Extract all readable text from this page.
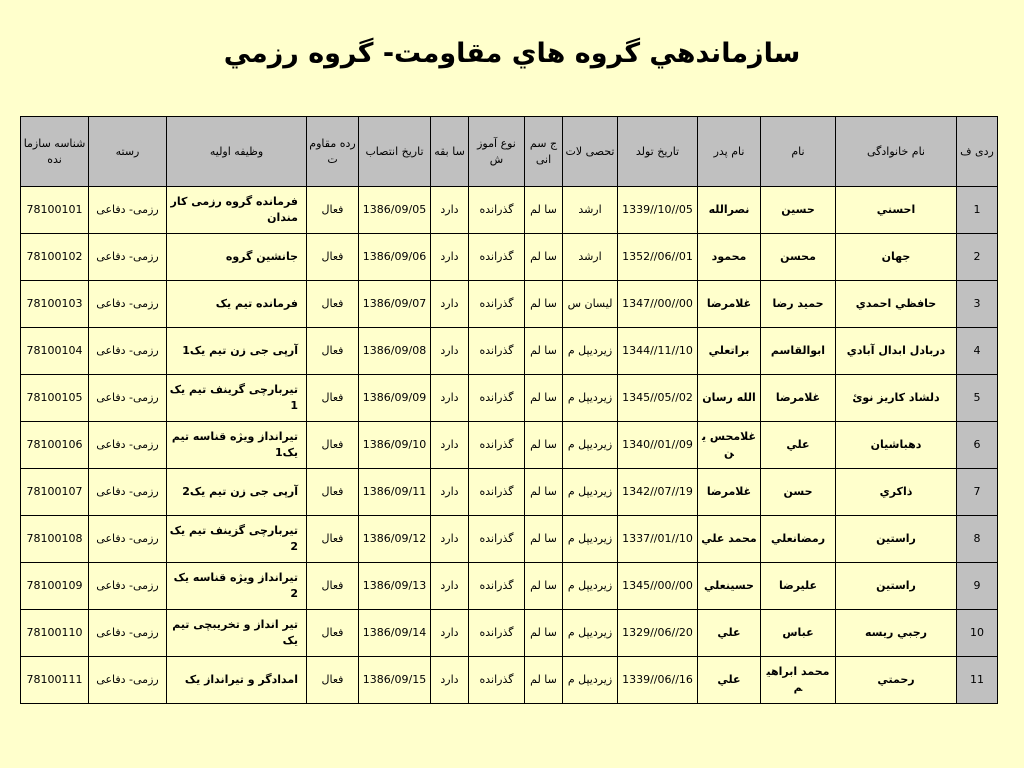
سازماندهي گروه هاي مقاومت- گروه رزمي
ردی ف	نام خانوادگی	نام	نام پدر	تاریخ تولد	تحصی لات	ج سم انی	نوع آموزش	سا بقه	تاریخ انتصاب	رده مقاوم ت	وظیفه اولیه	رسته	شناسه سازمانده
1	احسني	حسین	نصرالله	1339//10//05	ارشد	سا لم	گذرانده	دارد	1386/09/05	فعال	فرمانده گروه رزمی کارمندان	رزمی- دفاعی	78100101
2	جهان	محسن	محمود	1352//06//01	ارشد	سا لم	گذرانده	دارد	1386/09/06	فعال	جانشین گروه	رزمی- دفاعی	78100102
3	حافظي احمدي	حمید رضا	غلامرضا	1347//00//00	لیسان س	سا لم	گذرانده	دارد	1386/09/07	فعال	فرمانده تیم یک	رزمی- دفاعی	78100103
4	دربادل ابدال آبادي	ابوالقاسم	براتعلي	1344//11//10	زیردیپل م	سا لم	گذرانده	دارد	1386/09/08	فعال	آرپی جی زن تیم یک1	رزمی- دفاعی	78100104
5	دلشاد کاریز نوئ	غلامرضا	الله رسان	1345//05//02	زیردیپل م	سا لم	گذرانده	دارد	1386/09/09	فعال	تیربارچی گرینف تیم یک1	رزمی- دفاعی	78100105
6	دهباشیان	علي	غلامحس ین	1340//01//09	زیردیپل م	سا لم	گذرانده	دارد	1386/09/10	فعال	تیرانداز ویژه قناسه تیم یک1	رزمی- دفاعی	78100106
7	ذاکري	حسن	غلامرضا	1342//07//19	زیردیپل م	سا لم	گذرانده	دارد	1386/09/11	فعال	آرپی جی زن تیم یک2	رزمی- دفاعی	78100107
8	راستین	رمضانعلي	محمد علي	1337//01//10	زیردیپل م	سا لم	گذرانده	دارد	1386/09/12	فعال	تیربارچی گزینف تیم یک2	رزمی- دفاعی	78100108
9	راستین	علیرضا	حسینعلي	1345//00//00	زیردیپل م	سا لم	گذرانده	دارد	1386/09/13	فعال	تیرانداز ویژه قناسه یک 2	رزمی- دفاعی	78100109
10	رجبي ريسه	عباس	علي	1329//06//20	زیردیپل م	سا لم	گذرانده	دارد	1386/09/14	فعال	تیر انداز و تخریبچی تیم یک	رزمی- دفاعی	78100110
11	رحمتي	محمد ابراهیم	علي	1339//06//16	زیردیپل م	سا لم	گذرانده	دارد	1386/09/15	فعال	امدادگر و تیرانداز یک	رزمی- دفاعی	78100111
